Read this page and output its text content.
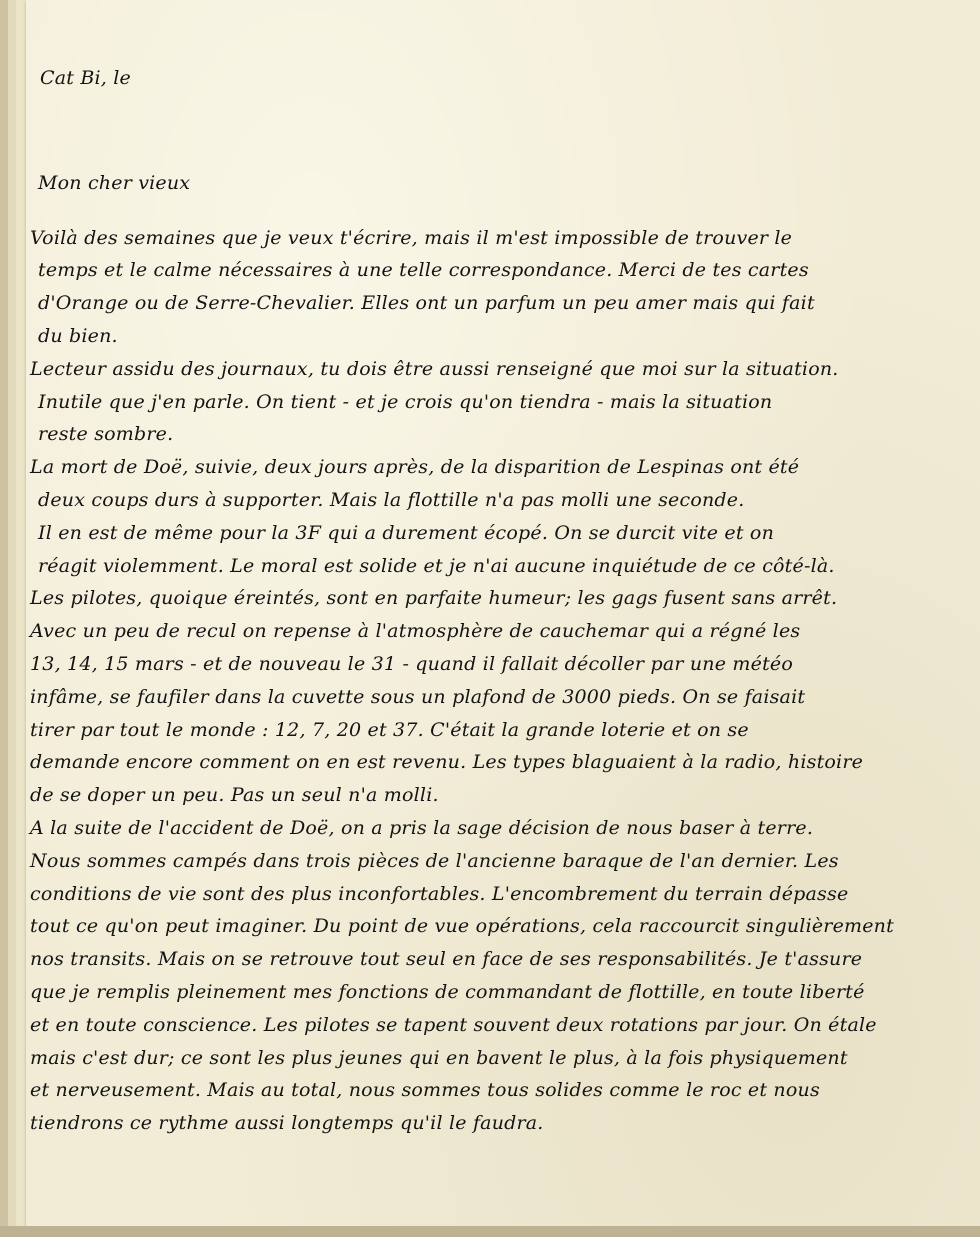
Cat Bi, le
Mon cher vieux
Voilà des semaines que je veux t'écrire, mais il m'est impossible de trouver le
temps et le calme nécessaires à une telle correspondance. Merci de tes cartes
d'Orange ou de Serre-Chevalier. Elles ont un parfum un peu amer mais qui fait
du bien.
Lecteur assidu des journaux, tu dois être aussi renseigné que moi sur la situation.
Inutile que j'en parle. On tient - et je crois qu'on tiendra - mais la situation
reste sombre.
La mort de Doë, suivie, deux jours après, de la disparition de Lespinas ont été
deux coups durs à supporter. Mais la flottille n'a pas molli une seconde.
Il en est de même pour la 3F qui a durement écopé. On se durcit vite et on
réagit violemment. Le moral est solide et je n'ai aucune inquiétude de ce côté-là.
Les pilotes, quoique éreintés, sont en parfaite humeur; les gags fusent sans arrêt.
Avec un peu de recul on repense à l'atmosphère de cauchemar qui a régné les
13, 14, 15 mars - et de nouveau le 31 - quand il fallait décoller par une météo
infâme, se faufiler dans la cuvette sous un plafond de 3000 pieds. On se faisait
tirer par tout le monde : 12, 7, 20 et 37. C'était la grande loterie et on se
demande encore comment on en est revenu. Les types blaguaient à la radio, histoire
de se doper un peu. Pas un seul n'a molli.
A la suite de l'accident de Doë, on a pris la sage décision de nous baser à terre.
Nous sommes campés dans trois pièces de l'ancienne baraque de l'an dernier. Les
conditions de vie sont des plus inconfortables. L'encombrement du terrain dépasse
tout ce qu'on peut imaginer. Du point de vue opérations, cela raccourcit singulièrement
nos transits. Mais on se retrouve tout seul en face de ses responsabilités. Je t'assure
que je remplis pleinement mes fonctions de commandant de flottille, en toute liberté
et en toute conscience. Les pilotes se tapent souvent deux rotations par jour. On étale
mais c'est dur; ce sont les plus jeunes qui en bavent le plus, à la fois physiquement
et nerveusement. Mais au total, nous sommes tous solides comme le roc et nous
tiendrons ce rythme aussi longtemps qu'il le faudra.
